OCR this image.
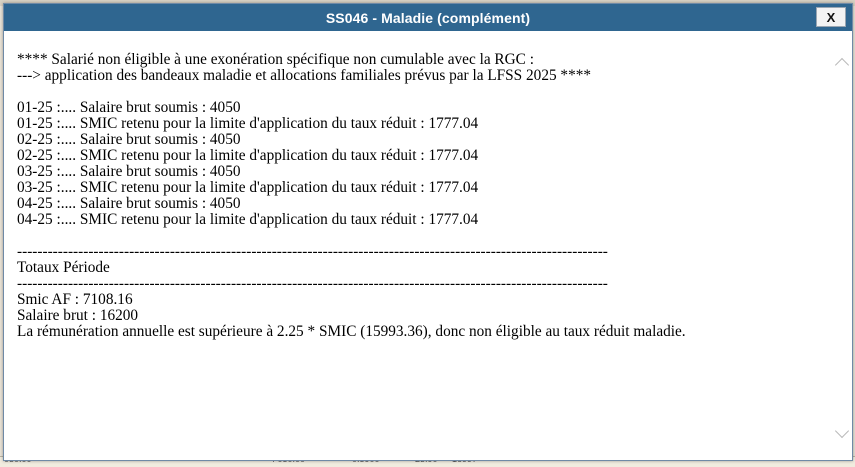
SS046 - Maladie (complément)	X
**** Salarié non éligible à une exonération spécifique non cumulable avec la RGC :
---> application des bandeaux maladie et allocations familiales prévus par la LFSS 2025 ****
01-25 :.... Salaire brut soumis : 4050
01-25 :.... SMIC retenu pour la limite d'application du taux réduit : 1777.04
02-25 :.... Salaire brut soumis : 4050
02-25 :.... SMIC retenu pour la limite d'application du taux réduit : 1777.04
03-25 :.... Salaire brut soumis : 4050
03-25 :.... SMIC retenu pour la limite d'application du taux réduit : 1777.04
04-25 :.... Salaire brut soumis : 4050
04-25 :.... SMIC retenu pour la limite d'application du taux réduit : 1777.04
--------------------------------------------------------------------------------------------------------------------
Totaux Période
--------------------------------------------------------------------------------------------------------------------
Smic AF : 7108.16
Salaire brut : 16200
La rémunération annuelle est supérieure à 2.25 * SMIC (15993.36), donc non éligible au taux réduit maladie.
